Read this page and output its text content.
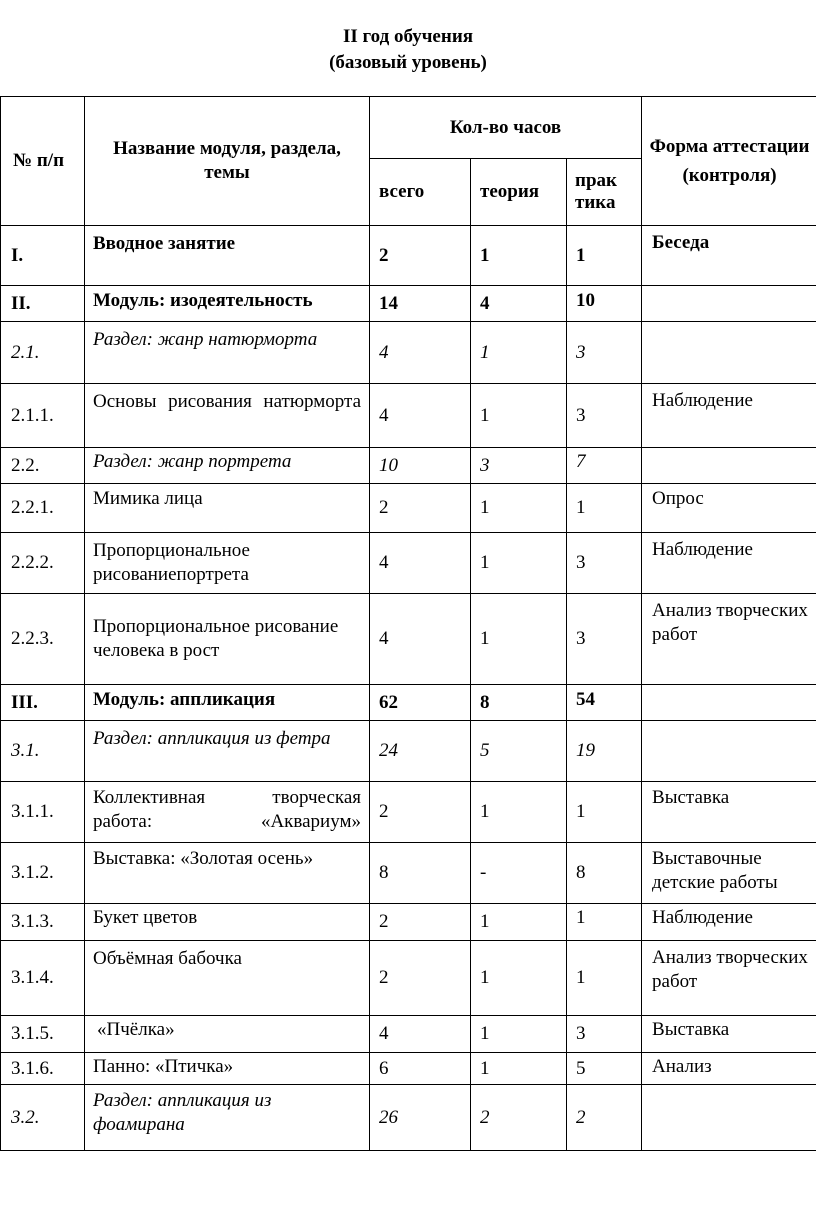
II год обучения
(базовый уровень)
№ п/п	Название модуля, раздела, темы	Кол-во часов			Форма аттестации (контроля)
		всего	теория	прак
тика	

I.	Вводное занятие	2	1	1	Беседа
II.	Модуль: изодеятельность	14	4	10	
2.1.	Раздел: жанр натюрморта	4	1	3	
2.1.1.	Основы рисования натюрморта	4	1	3	Наблюдение
2.2.	Раздел: жанр портрета	10	3	7	
2.2.1.	Мимика лица	2	1	1	Опрос
2.2.2.	Пропорциональное рисованиепортрета	4	1	3	Наблюдение
2.2.3.	Пропорциональное рисование человека в рост	4	1	3	Анализ творческих работ
III.	Модуль: аппликация	62	8	54	
3.1.	Раздел: аппликация из фетра	24	5	19	
3.1.1.	Коллективная творческая работа: «Аквариум»	2	1	1	Выставка
3.1.2.	Выставка: «Золотая осень»	8	-	8	Выставочные детские работы
3.1.3.	Букет цветов	2	1	1	Наблюдение
3.1.4.	Объёмная бабочка	2	1	1	Анализ творческих работ
3.1.5.	«Пчёлка»	4	1	3	Выставка
3.1.6.	Панно: «Птичка»	6	1	5	Анализ
3.2.	Раздел: аппликация из фоамирана	26	2	2	
